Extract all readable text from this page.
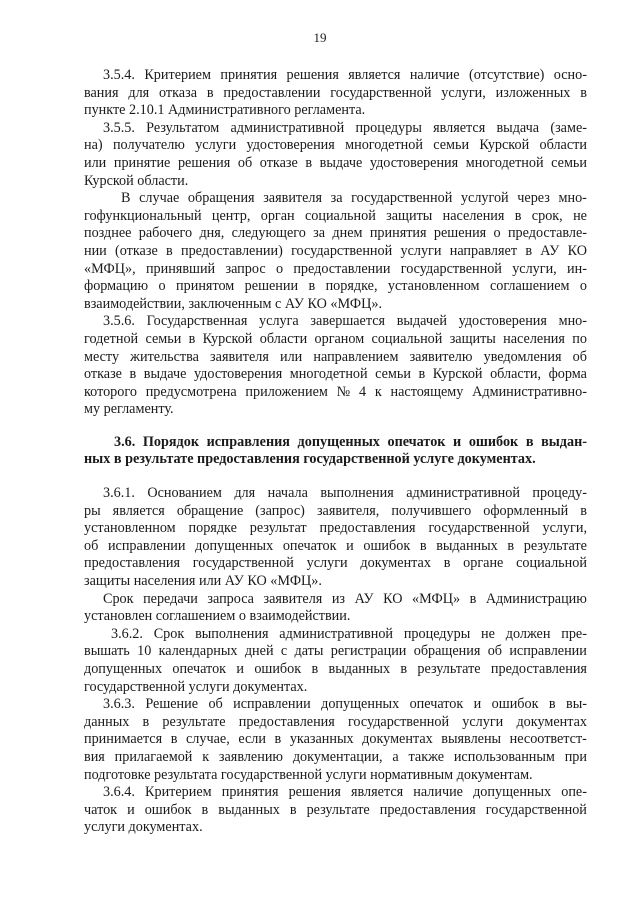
19
3.5.4. Критерием принятия решения является наличие (отсутствие) осно-
вания для отказа в предоставлении государственной услуги, изложенных в
пункте 2.10.1 Административного регламента.
3.5.5. Результатом административной процедуры является выдача (заме-
на) получателю услуги удостоверения многодетной семьи Курской области
или принятие решения об отказе в выдаче удостоверения многодетной семьи
Курской области.
В случае обращения заявителя за государственной услугой через мно-
гофункциональный центр, орган социальной защиты населения в срок, не
позднее рабочего дня, следующего за днем принятия решения о предоставле-
нии (отказе в предоставлении) государственной услуги направляет в АУ КО
«МФЦ», принявший запрос о предоставлении государственной услуги, ин-
формацию о принятом решении в порядке, установленном соглашением о
взаимодействии, заключенным с АУ КО «МФЦ».
3.5.6. Государственная услуга завершается выдачей удостоверения мно-
годетной семьи в Курской области органом социальной защиты населения по
месту жительства заявителя или направлением заявителю уведомления об
отказе в выдаче удостоверения многодетной семьи в Курской области, форма
которого предусмотрена приложением № 4 к настоящему Административно-
му регламенту.
3.6. Порядок исправления допущенных опечаток и ошибок в выдан-
ных в результате предоставления государственной услуге документах.
3.6.1. Основанием для начала выполнения административной процеду-
ры является обращение (запрос) заявителя, получившего оформленный в
установленном порядке результат предоставления государственной услуги,
об исправлении допущенных опечаток и ошибок в выданных в результате
предоставления государственной услуги документах в органе социальной
защиты населения или АУ КО «МФЦ».
Срок передачи запроса заявителя из АУ КО «МФЦ» в Администрацию
установлен соглашением о взаимодействии.
3.6.2. Срок выполнения административной процедуры не должен пре-
вышать 10 календарных дней с даты регистрации обращения об исправлении
допущенных опечаток и ошибок в выданных в результате предоставления
государственной услуги документах.
3.6.3. Решение об исправлении допущенных опечаток и ошибок в вы-
данных в результате предоставления государственной услуги документах
принимается в случае, если в указанных документах выявлены несоответст-
вия прилагаемой к заявлению документации, а также использованным при
подготовке результата государственной услуги нормативным документам.
3.6.4. Критерием принятия решения является наличие допущенных опе-
чаток и ошибок в выданных в результате предоставления государственной
услуги документах.
